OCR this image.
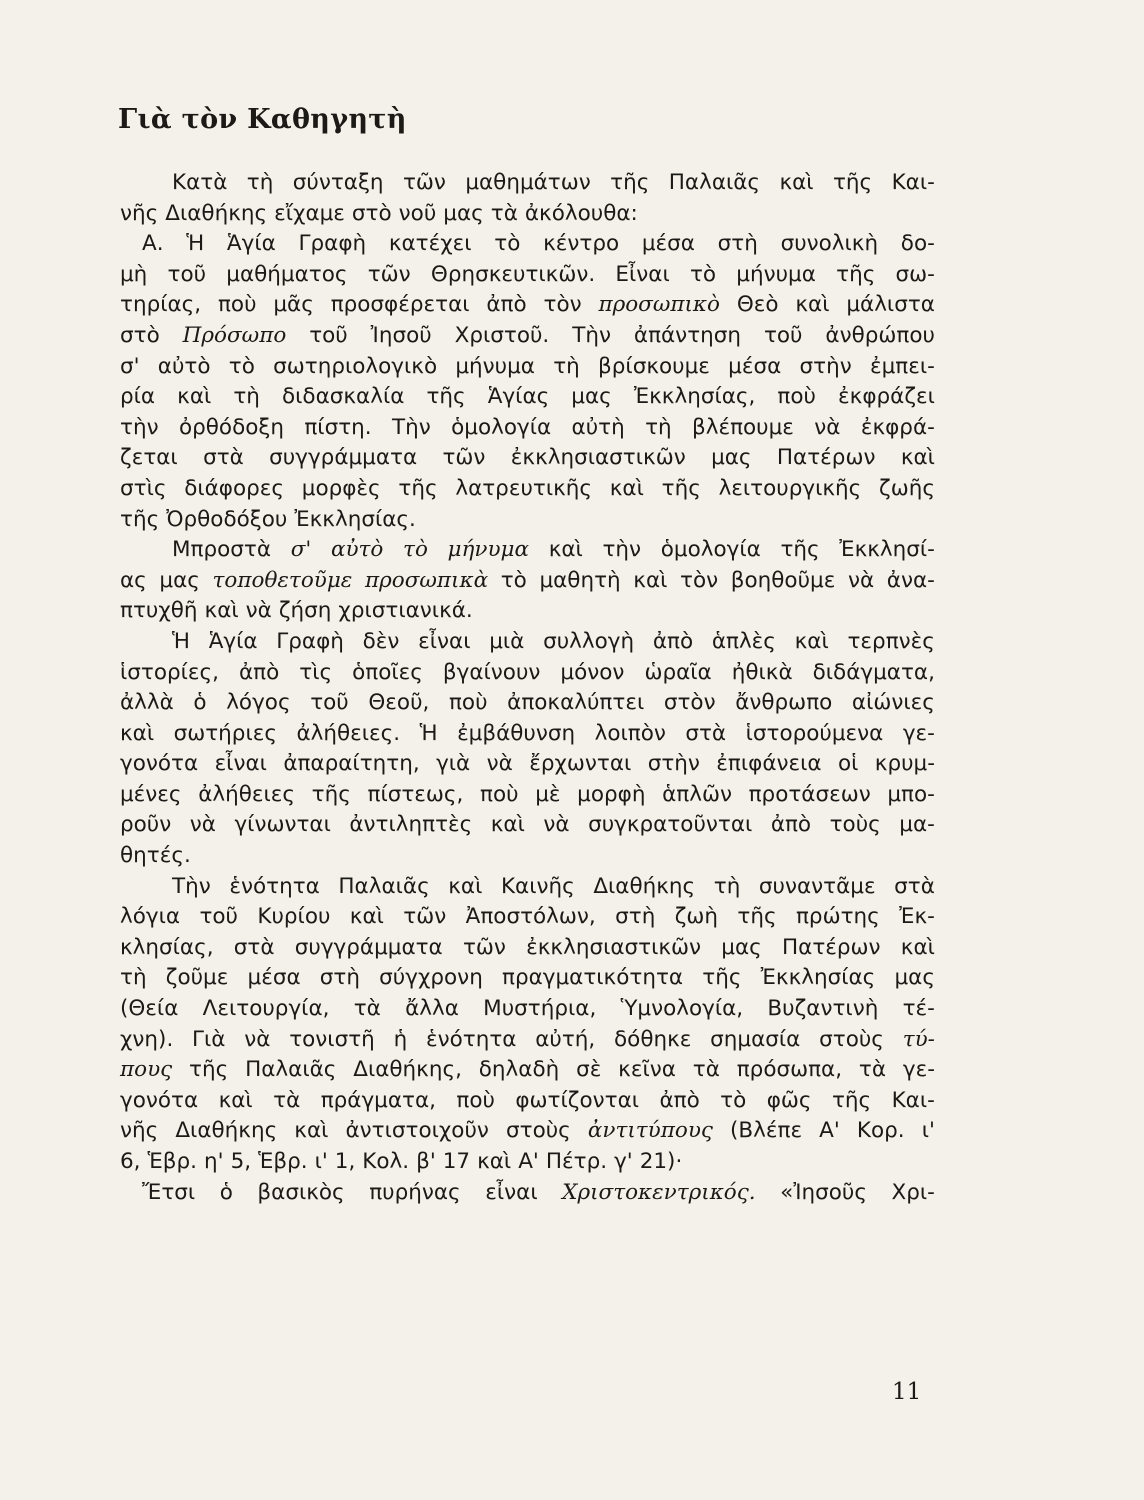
Γιὰ τὸν Καθηγητὴ
Κατὰ τὴ σύνταξη τῶν μαθημάτων τῆς Παλαιᾶς καὶ τῆς Και-
νῆς Διαθήκης εἴχαμε στὸ νοῦ μας τὰ ἀκόλουθα:
Α. Ἡ Ἁγία Γραφὴ κατέχει τὸ κέντρο μέσα στὴ συνολικὴ δο-
μὴ τοῦ μαθήματος τῶν Θρησκευτικῶν. Εἶναι τὸ μήνυμα τῆς σω-
τηρίας, ποὺ μᾶς προσφέρεται ἀπὸ τὸν προσωπικὸ Θεὸ καὶ μάλιστα
στὸ Πρόσωπο τοῦ Ἰησοῦ Χριστοῦ. Τὴν ἀπάντηση τοῦ ἀνθρώπου
σ' αὐτὸ τὸ σωτηριολογικὸ μήνυμα τὴ βρίσκουμε μέσα στὴν ἐμπει-
ρία καὶ τὴ διδασκαλία τῆς Ἁγίας μας Ἐκκλησίας, ποὺ ἐκφράζει
τὴν ὀρθόδοξη πίστη. Τὴν ὁμολογία αὐτὴ τὴ βλέπουμε νὰ ἐκφρά-
ζεται στὰ συγγράμματα τῶν ἐκκλησιαστικῶν μας Πατέρων καὶ
στὶς διάφορες μορφὲς τῆς λατρευτικῆς καὶ τῆς λειτουργικῆς ζωῆς
τῆς Ὀρθοδόξου Ἐκκλησίας.
Μπροστὰ σ' αὐτὸ τὸ μήνυμα καὶ τὴν ὁμολογία τῆς Ἐκκλησί-
ας μας τοποθετοῦμε προσωπικὰ τὸ μαθητὴ καὶ τὸν βοηθοῦμε νὰ ἀνα-
πτυχθῆ καὶ νὰ ζήση χριστιανικά.
Ἡ Ἁγία Γραφὴ δὲν εἶναι μιὰ συλλογὴ ἀπὸ ἁπλὲς καὶ τερπνὲς
ἱστορίες, ἀπὸ τὶς ὁποῖες βγαίνουν μόνον ὡραῖα ἠθικὰ διδάγματα,
ἀλλὰ ὁ λόγος τοῦ Θεοῦ, ποὺ ἀποκαλύπτει στὸν ἄνθρωπο αἰώνιες
καὶ σωτήριες ἀλήθειες. Ἡ ἐμβάθυνση λοιπὸν στὰ ἱστορούμενα γε-
γονότα εἶναι ἀπαραίτητη, γιὰ νὰ ἔρχωνται στὴν ἐπιφάνεια οἱ κρυμ-
μένες ἀλήθειες τῆς πίστεως, ποὺ μὲ μορφὴ ἁπλῶν προτάσεων μπο-
ροῦν νὰ γίνωνται ἀντιληπτὲς καὶ νὰ συγκρατοῦνται ἀπὸ τοὺς μα-
θητές.
Τὴν ἑνότητα Παλαιᾶς καὶ Καινῆς Διαθήκης τὴ συναντᾶμε στὰ
λόγια τοῦ Κυρίου καὶ τῶν Ἀποστόλων, στὴ ζωὴ τῆς πρώτης Ἐκ-
κλησίας, στὰ συγγράμματα τῶν ἐκκλησιαστικῶν μας Πατέρων καὶ
τὴ ζοῦμε μέσα στὴ σύγχρονη πραγματικότητα τῆς Ἐκκλησίας μας
(Θεία Λειτουργία, τὰ ἄλλα Μυστήρια, Ὑμνολογία, Βυζαντινὴ τέ-
χνη). Γιὰ νὰ τονιστῆ ἡ ἑνότητα αὐτή, δόθηκε σημασία στοὺς τύ-
πους τῆς Παλαιᾶς Διαθήκης, δηλαδὴ σὲ κεῖνα τὰ πρόσωπα, τὰ γε-
γονότα καὶ τὰ πράγματα, ποὺ φωτίζονται ἀπὸ τὸ φῶς τῆς Και-
νῆς Διαθήκης καὶ ἀντιστοιχοῦν στοὺς ἀντιτύπους (Βλέπε Α' Κορ. ι'
6, Ἑβρ. η' 5, Ἑβρ. ι' 1, Κολ. β' 17 καὶ Α' Πέτρ. γ' 21)·
Ἔτσι ὁ βασικὸς πυρήνας εἶναι Χριστοκεντρικός. «Ἰησοῦς Χρι-
11
